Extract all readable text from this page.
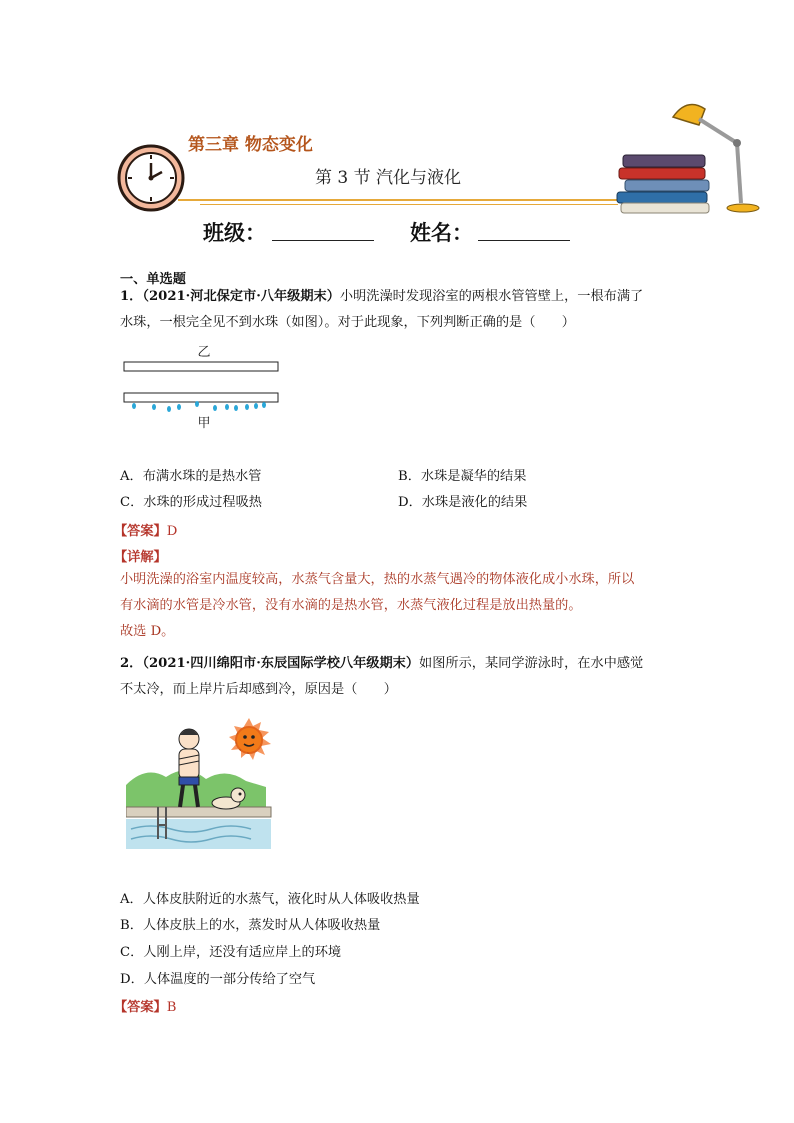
第三章 物态变化
第 3 节 汽化与液化
班级：	姓名：
一、单选题
1．（2021·河北保定市·八年级期末）小明洗澡时发现浴室的两根水管管壁上，一根布满了
水珠，一根完全见不到水珠（如图）。对于此现象，下列判断正确的是（　　）
乙
甲
A．布满水珠的是热水管	B．水珠是凝华的结果
C．水珠的形成过程吸热	D．水珠是液化的结果
【答案】D
【详解】
小明洗澡的浴室内温度较高，水蒸气含量大，热的水蒸气遇冷的物体液化成小水珠，所以
有水滴的水管是冷水管，没有水滴的是热水管，水蒸气液化过程是放出热量的。
故选 D。
2．（2021·四川绵阳市·东辰国际学校八年级期末）如图所示，某同学游泳时，在水中感觉
不太冷，而上岸片后却感到冷，原因是（　　）
A．人体皮肤附近的水蒸气，液化时从人体吸收热量
B．人体皮肤上的水，蒸发时从人体吸收热量
C．人刚上岸，还没有适应岸上的环境
D．人体温度的一部分传给了空气
【答案】B
